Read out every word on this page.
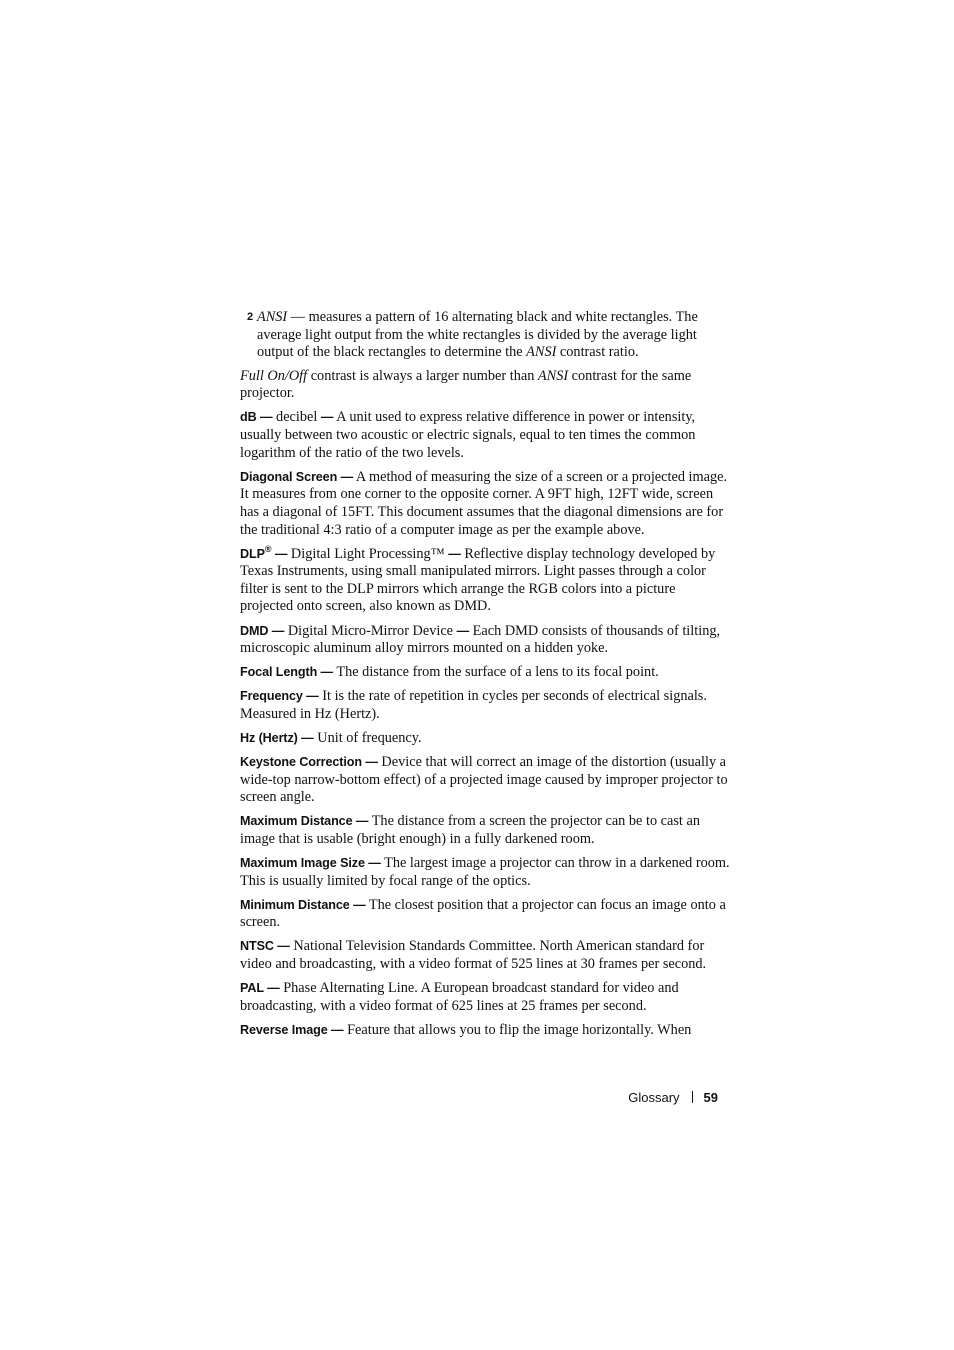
2 ANSI — measures a pattern of 16 alternating black and white rectangles. The average light output from the white rectangles is divided by the average light output of the black rectangles to determine the ANSI contrast ratio.

Full On/Off contrast is always a larger number than ANSI contrast for the same projector.

dB — decibel — A unit used to express relative difference in power or intensity, usually between two acoustic or electric signals, equal to ten times the common logarithm of the ratio of the two levels.

Diagonal Screen — A method of measuring the size of a screen or a projected image. It measures from one corner to the opposite corner. A 9FT high, 12FT wide, screen has a diagonal of 15FT. This document assumes that the diagonal dimensions are for the traditional 4:3 ratio of a computer image as per the example above.

DLP® — Digital Light Processing™ — Reflective display technology developed by Texas Instruments, using small manipulated mirrors. Light passes through a color filter is sent to the DLP mirrors which arrange the RGB colors into a picture projected onto screen, also known as DMD.

DMD — Digital Micro-Mirror Device — Each DMD consists of thousands of tilting, microscopic aluminum alloy mirrors mounted on a hidden yoke.

Focal Length — The distance from the surface of a lens to its focal point.

Frequency — It is the rate of repetition in cycles per seconds of electrical signals. Measured in Hz (Hertz).

Hz (Hertz) — Unit of frequency.

Keystone Correction — Device that will correct an image of the distortion (usually a wide-top narrow-bottom effect) of a projected image caused by improper projector to screen angle.

Maximum Distance — The distance from a screen the projector can be to cast an image that is usable (bright enough) in a fully darkened room.

Maximum Image Size — The largest image a projector can throw in a darkened room. This is usually limited by focal range of the optics.

Minimum Distance — The closest position that a projector can focus an image onto a screen.

NTSC — National Television Standards Committee. North American standard for video and broadcasting, with a video format of 525 lines at 30 frames per second.

PAL — Phase Alternating Line. A European broadcast standard for video and broadcasting, with a video format of 625 lines at 25 frames per second.

Reverse Image — Feature that allows you to flip the image horizontally. When

Glossary 59
